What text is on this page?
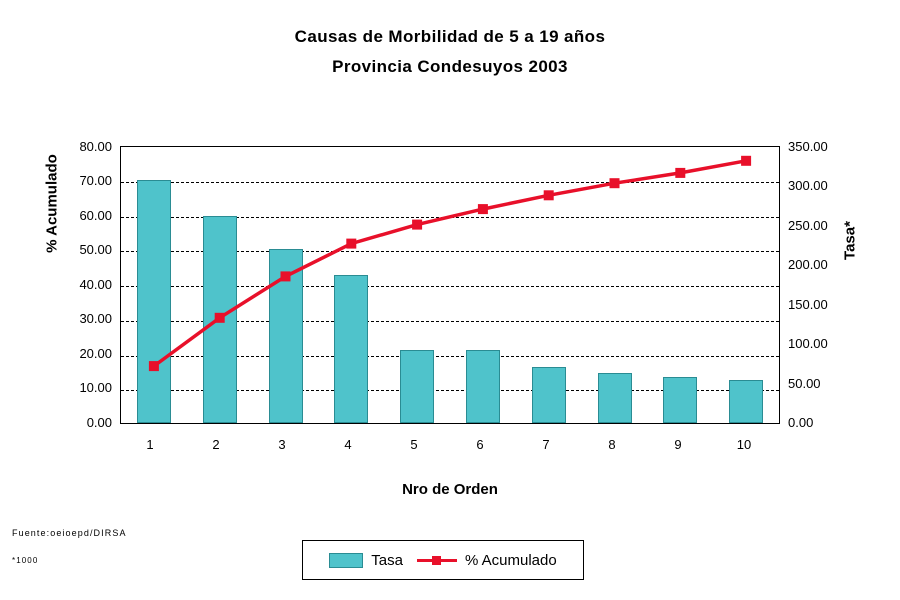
Causas de Morbilidad de 5 a 19 años
Provincia Condesuyos 2003
80.00
70.00
60.00
50.00
40.00
30.00
20.00
10.00
0.00
350.00
300.00
250.00
200.00
150.00
100.00
50.00
0.00
% Acumulado	Tasa*
Nro de Orden
1	2	3	4	5	6	7	8	9	10
Fuente:oeioepd/DIRSA
*1000	Tasa	% Acumulado
